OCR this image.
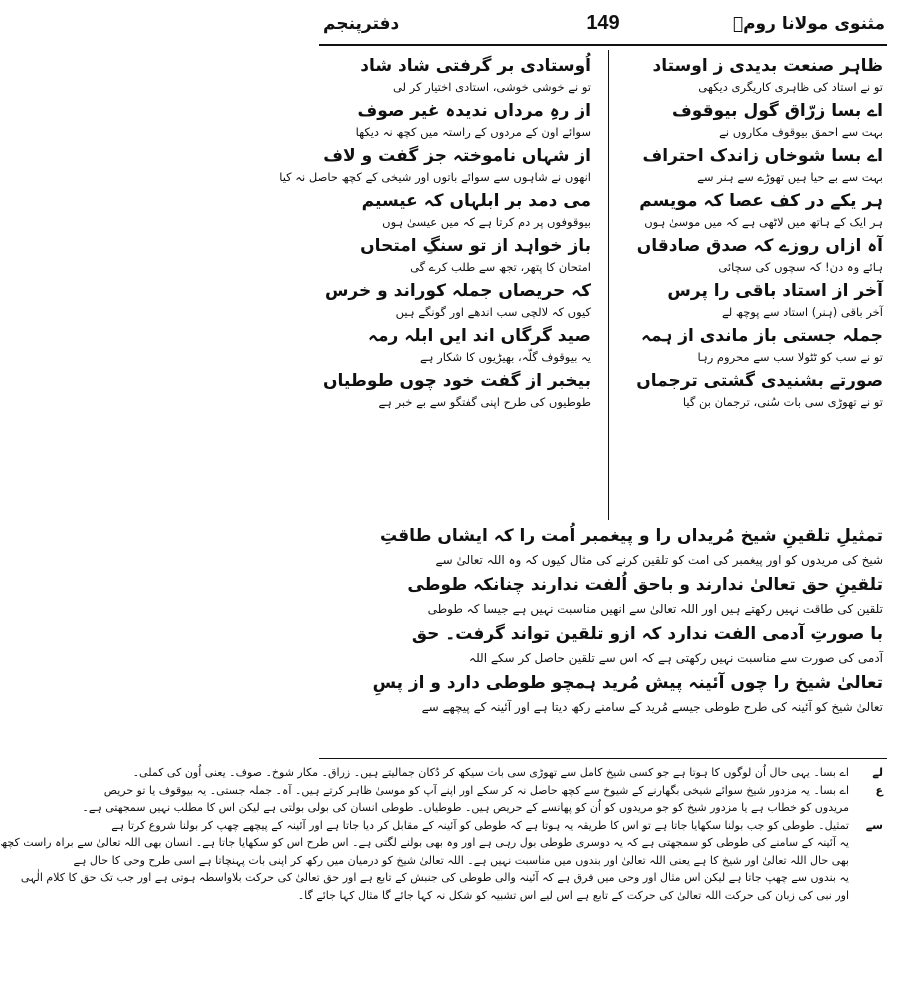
مثنوی مولانا رومؒ
149
دفترپنجم
ظاہر صنعت بدیدی ز اوستاد
تو نے استاد کی ظاہری کاریگری دیکھی
اے بسا زرّاق گول بیوقوف
بہت سے احمق بیوقوف مکاروں نے
اے بسا شوخاں زاندک احتراف
بہت سے بے حیا ہیں تھوڑے سے ہنر سے
ہر یکے در کف عصا کہ مویسم
ہر ایک کے ہاتھ میں لاٹھی ہے کہ میں موسیٰ ہوں
آہ ازاں روزے کہ صدق صادقاں
ہائے وہ دن! کہ سچوں کی سچائی
آخر از استاد باقی را پرس
آخر باقی (ہنر) استاد سے پوچھ لے
جملہ جستی باز ماندی از ہمہ
تو نے سب کو ٹٹولا سب سے محروم رہا
صورتے بشنیدی گشتی ترجماں
تو نے تھوڑی سی بات سُنی، ترجمان بن گیا
اُوستادی بر گرفتی شاد شاد
تو نے خوشی خوشی، استادی اختیار کر لی
از رہِ مرداں ندیدہ غیر صوف
سوائے اون کے مردوں کے راستہ میں کچھ نہ دیکھا
از شہاں ناموختہ جز گفت و لاف
انھوں نے شاہوں سے سوائے باتوں اور شیخی کے کچھ حاصل نہ کیا
می دمد بر ابلہاں کہ عیسیم
بیوقوفوں پر دم کرتا ہے کہ میں عیسیٰ ہوں
باز خواہد از تو سنگِ امتحاں
امتحان کا پتھر، تجھ سے طلب کرے گی
کہ حریصاں جملہ کوراند و خرس
کیوں کہ لالچی سب اندھے اور گونگے ہیں
صید گرگاں اند ایں ابلہ رمہ
یہ بیوقوف گلّہ، بھیڑیوں کا شکار ہے
بیخبر از گفت خود چوں طوطیاں
طوطیوں کی طرح اپنی گفتگو سے بے خبر ہے
تمثیلِ تلقینِ شیخ مُریداں را و پیغمبر اُمت را کہ ایشاں طاقتِ
شیخ کی مریدوں کو اور پیغمبر کی امت کو تلقین کرنے کی مثال کیوں کہ وہ اللہ تعالیٰ سے
تلقینِ حق تعالیٰ ندارند و باحق اُلفت ندارند چنانکہ طوطی
تلقین کی طاقت نہیں رکھتے ہیں اور اللہ تعالیٰ سے انھیں مناسبت نہیں ہے جیسا کہ طوطی
با صورتِ آدمی الفت ندارد کہ ازو تلقین تواند گرفت۔ حق
آدمی کی صورت سے مناسبت نہیں رکھتی ہے کہ اس سے تلقین حاصل کر سکے اللہ
تعالیٰ شیخ را چوں آئینہ پیش مُرید ہمچو طوطی دارد و از پسِ
تعالیٰ شیخ کو آئینہ کی طرح طوطی جیسے مُرید کے سامنے رکھ دیتا ہے اور آئینہ کے پیچھے سے
لے
اے بسا۔ یہی حال اُن لوگوں کا ہوتا ہے جو کسی شیخ کامل سے تھوڑی سی بات سیکھ کر دُکان جمالیتے ہیں۔ زراق۔ مکار شوخ۔ صوف۔ یعنی اُون کی کملی۔
ع
اے بسا۔ یہ مزدور شیخ سوائے شیخی بگھارنے کے شیوخ سے کچھ حاصل نہ کر سکے اور اپنے آپ کو موسیٰ ظاہر کرتے ہیں۔ آہ۔ جملہ جستی۔ یہ بیوقوف یا تو حریص
مریدوں کو خطاب ہے یا مزدور شیخ کو جو مریدوں کو اُن کو پھانسے کے حریص ہیں۔ طوطیاں۔ طوطی انسان کی بولی بولتی ہے لیکن اس کا مطلب نہیں سمجھتی ہے۔
سے
تمثیل۔ طوطی کو جب بولنا سکھایا جاتا ہے تو اس کا طریقہ یہ ہوتا ہے کہ طوطی کو آئینہ کے مقابل کر دیا جاتا ہے اور آئینہ کے پیچھے چھپ کر بولنا شروع کرتا ہے
یہ آئینہ کے سامنے کی طوطی کو سمجھتی ہے کہ یہ دوسری طوطی بول رہی ہے اور وہ بھی بولنے لگتی ہے۔ اس طرح اس کو سکھایا جاتا ہے۔ انسان بھی اللہ تعالیٰ سے براہ راست کچھ
بھی حال اللہ تعالیٰ اور شیخ کا ہے یعنی اللہ تعالیٰ اور بندوں میں مناسبت نہیں ہے۔ اللہ تعالیٰ شیخ کو درمیان میں رکھ کر اپنی بات پہنچاتا ہے اسی طرح وحی کا حال ہے
یہ بندوں سے چھپ جاتا ہے لیکن اس مثال اور وحی میں فرق ہے کہ آئینہ والی طوطی کی جنبش کے تابع ہے اور حق تعالیٰ کی حرکت بلاواسطہ ہوتی ہے اور جب تک حق کا کلام الٰہی
اور نبی کی زبان کی حرکت اللہ تعالیٰ کی حرکت کے تابع ہے اس لیے اس تشبیہ کو شکل نہ کہا جائے گا مثال کہا جائے گا۔
